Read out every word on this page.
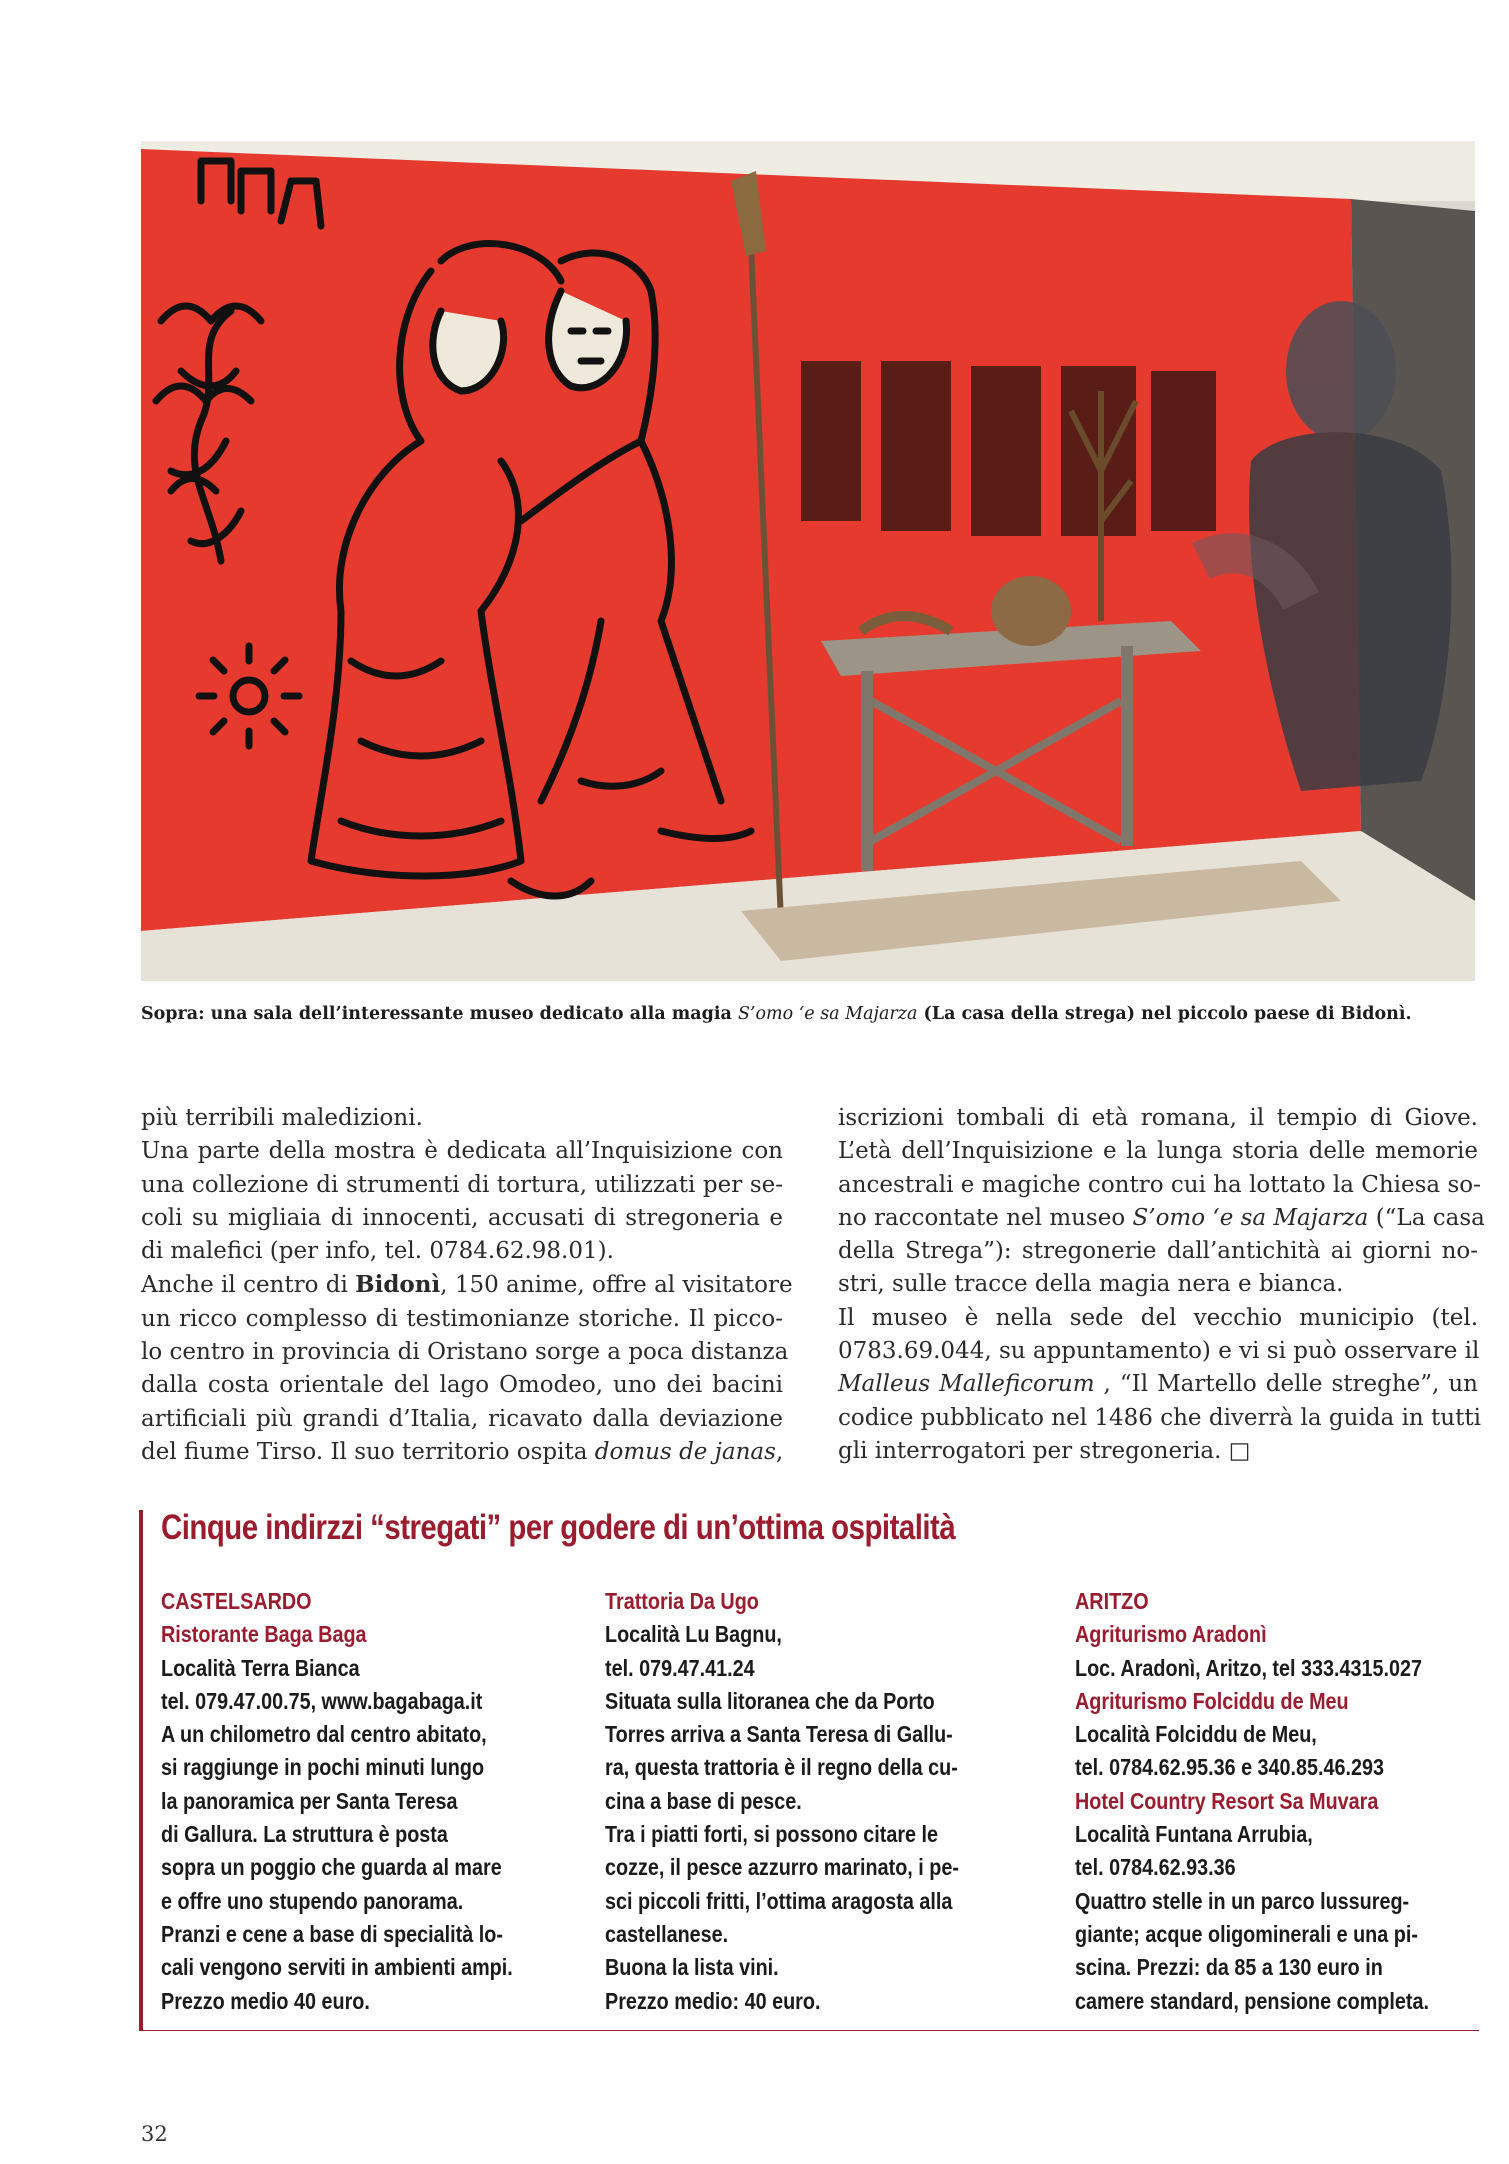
Sopra: una sala dell’interessante museo dedicato alla magia S’omo ‘e sa Majarza (La casa della strega) nel piccolo paese di Bidonì.
più terribili maledizioni.
Una parte della mostra è dedicata all’Inquisizione con
una collezione di strumenti di tortura, utilizzati per se-
coli su migliaia di innocenti, accusati di stregoneria e
di malefici (per info, tel. 0784.62.98.01).
Anche il centro di Bidonì, 150 anime, offre al visitatore
un ricco complesso di testimonianze storiche. Il picco-
lo centro in provincia di Oristano sorge a poca distanza
dalla costa orientale del lago Omodeo, uno dei bacini
artificiali più grandi d’Italia, ricavato dalla deviazione
del fiume Tirso. Il suo territorio ospita domus de janas,
iscrizioni tombali di età romana, il tempio di Giove.
L’età dell’Inquisizione e la lunga storia delle memorie
ancestrali e magiche contro cui ha lottato la Chiesa so-
no raccontate nel museo S’omo ‘e sa Majarza (“La casa
della Strega”): stregonerie dall’antichità ai giorni no-
stri, sulle tracce della magia nera e bianca.
Il museo è nella sede del vecchio municipio (tel.
0783.69.044, su appuntamento) e vi si può osservare il
Malleus Malleficorum , “Il Martello delle streghe”, un
codice pubblicato nel 1486 che diverrà la guida in tutti
gli interrogatori per stregoneria. □
Cinque indirzzi “stregati” per godere di un’ottima ospitalità
CASTELSARDO
Ristorante Baga Baga
Località Terra Bianca
tel. 079.47.00.75, www.bagabaga.it
A un chilometro dal centro abitato,
si raggiunge in pochi minuti lungo
la panoramica per Santa Teresa
di Gallura. La struttura è posta
sopra un poggio che guarda al mare
e offre uno stupendo panorama.
Pranzi e cene a base di specialità lo-
cali vengono serviti in ambienti ampi.
Prezzo medio 40 euro.
Trattoria Da Ugo
Località Lu Bagnu,
tel. 079.47.41.24
Situata sulla litoranea che da Porto
Torres arriva a Santa Teresa di Gallu-
ra, questa trattoria è il regno della cu-
cina a base di pesce.
Tra i piatti forti, si possono citare le
cozze, il pesce azzurro marinato, i pe-
sci piccoli fritti, l’ottima aragosta alla
castellanese.
Buona la lista vini.
Prezzo medio: 40 euro.
ARITZO
Agriturismo Aradonì
Loc. Aradonì, Aritzo, tel 333.4315.027
Agriturismo Folciddu de Meu
Località Folciddu de Meu,
tel. 0784.62.95.36 e 340.85.46.293
Hotel Country Resort Sa Muvara
Località Funtana Arrubia,
tel. 0784.62.93.36
Quattro stelle in un parco lussureg-
giante; acque oligominerali e una pi-
scina. Prezzi: da 85 a 130 euro in
camere standard, pensione completa.
32
